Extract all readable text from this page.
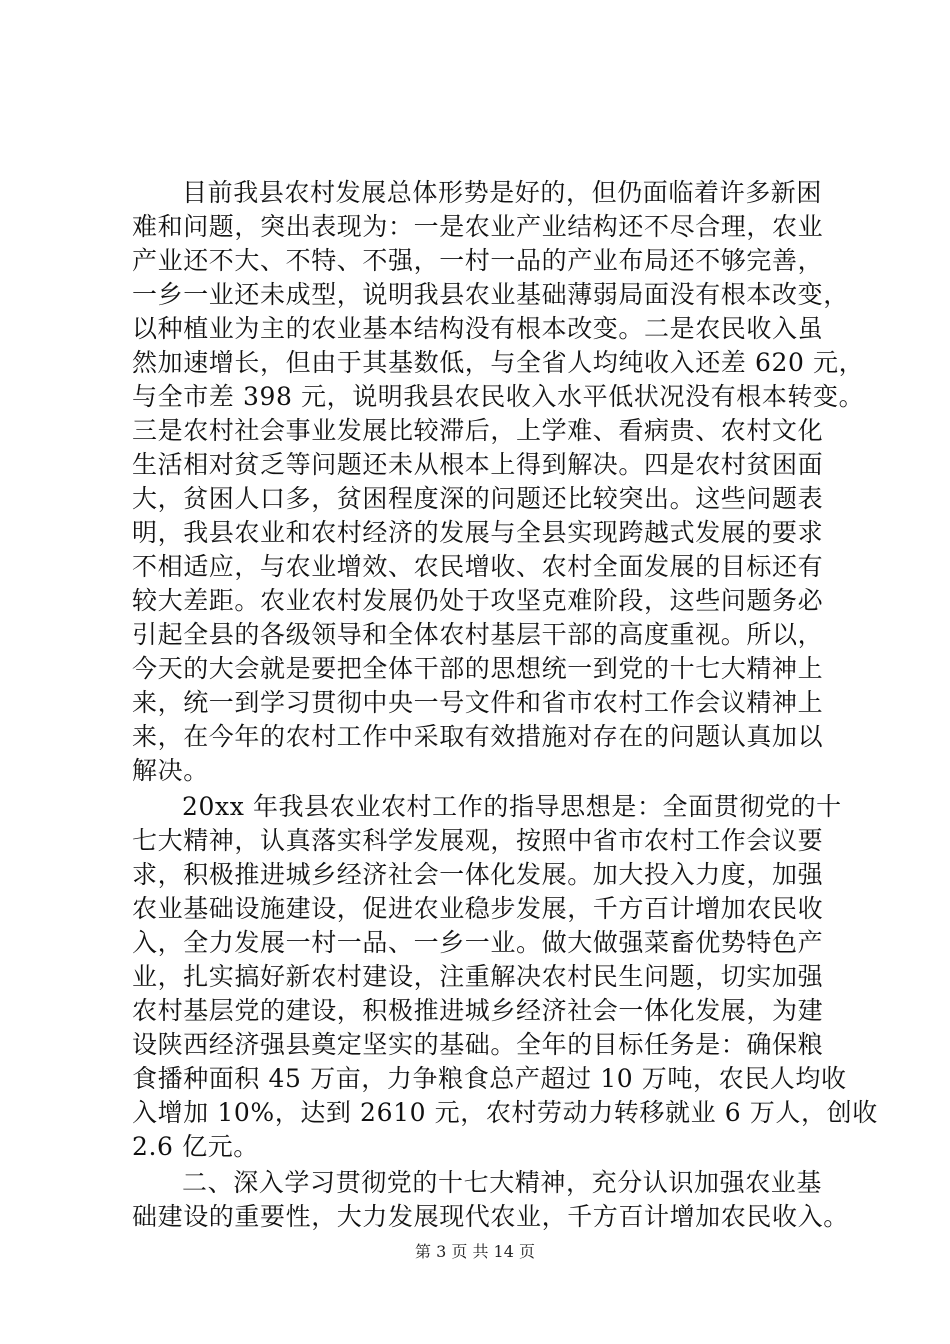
目前我县农村发展总体形势是好的，但仍面临着许多新困
难和问题，突出表现为：一是农业产业结构还不尽合理，农业
产业还不大、不特、不强，一村一品的产业布局还不够完善，
一乡一业还未成型，说明我县农业基础薄弱局面没有根本改变，
以种植业为主的农业基本结构没有根本改变。二是农民收入虽
然加速增长，但由于其基数低，与全省人均纯收入还差 620 元，
与全市差 398 元，说明我县农民收入水平低状况没有根本转变。
三是农村社会事业发展比较滞后，上学难、看病贵、农村文化
生活相对贫乏等问题还未从根本上得到解决。四是农村贫困面
大，贫困人口多，贫困程度深的问题还比较突出。这些问题表
明，我县农业和农村经济的发展与全县实现跨越式发展的要求
不相适应，与农业增效、农民增收、农村全面发展的目标还有
较大差距。农业农村发展仍处于攻坚克难阶段，这些问题务必
引起全县的各级领导和全体农村基层干部的高度重视。所以，
今天的大会就是要把全体干部的思想统一到党的十七大精神上
来，统一到学习贯彻中央一号文件和省市农村工作会议精神上
来，在今年的农村工作中采取有效措施对存在的问题认真加以
解决。
20xx 年我县农业农村工作的指导思想是：全面贯彻党的十
七大精神，认真落实科学发展观，按照中省市农村工作会议要
求，积极推进城乡经济社会一体化发展。加大投入力度，加强
农业基础设施建设，促进农业稳步发展，千方百计增加农民收
入，全力发展一村一品、一乡一业。做大做强菜畜优势特色产
业，扎实搞好新农村建设，注重解决农村民生问题，切实加强
农村基层党的建设，积极推进城乡经济社会一体化发展，为建
设陕西经济强县奠定坚实的基础。全年的目标任务是：确保粮
食播种面积 45 万亩，力争粮食总产超过 10 万吨，农民人均收
入增加 10%，达到 2610 元，农村劳动力转移就业 6 万人，创收
2.6 亿元。
二、深入学习贯彻党的十七大精神，充分认识加强农业基
础建设的重要性，大力发展现代农业，千方百计增加农民收入。
第 3 页 共 14 页
